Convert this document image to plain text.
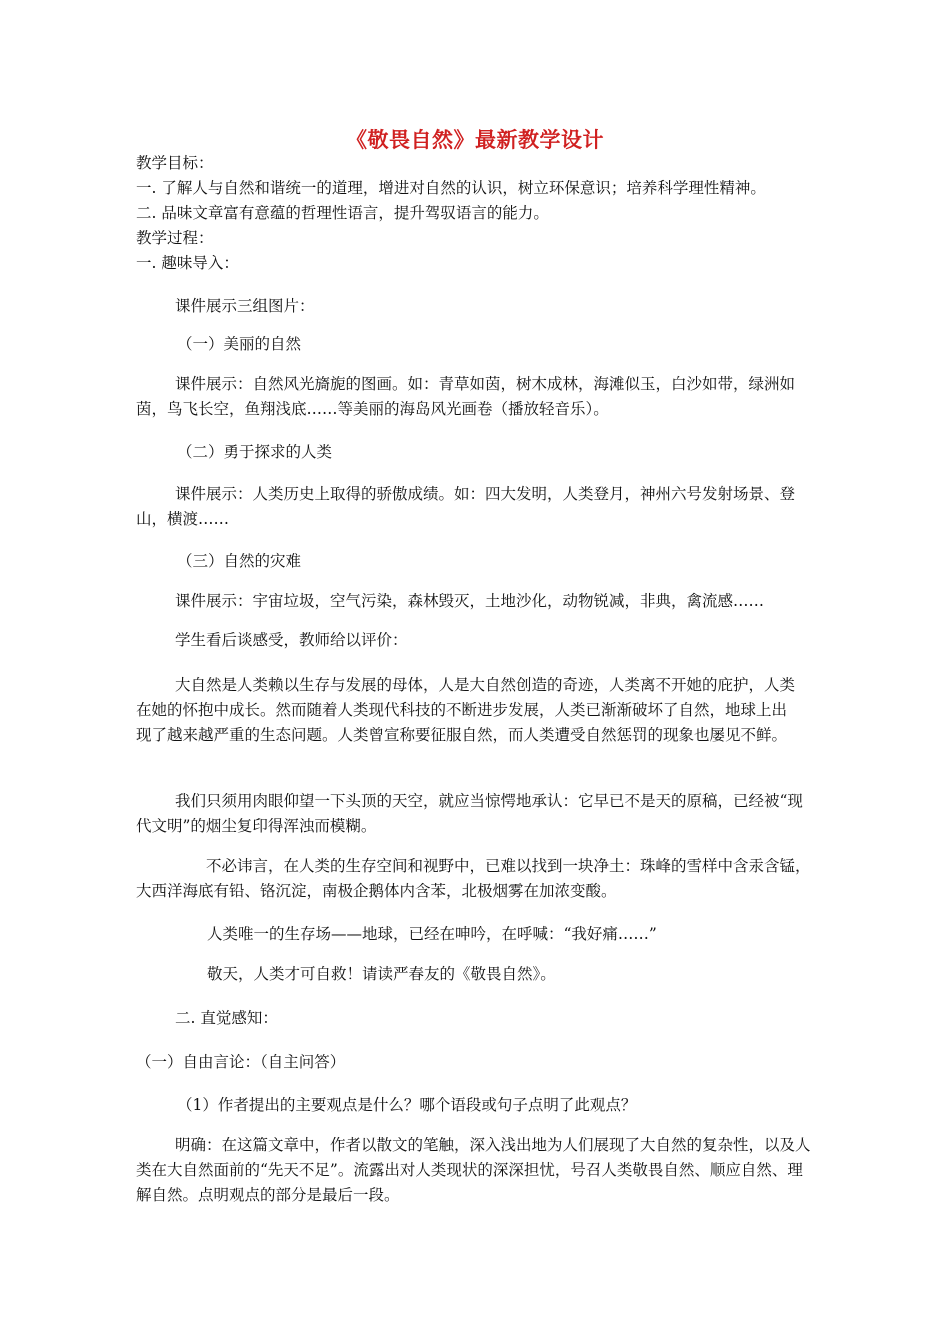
《敬畏自然》最新教学设计
教学目标：
一. 了解人与自然和谐统一的道理，增进对自然的认识，树立环保意识；培养科学理性精神。
二. 品味文章富有意蕴的哲理性语言，提升驾驭语言的能力。
教学过程：
一. 趣味导入：
课件展示三组图片：
（一）美丽的自然
课件展示：自然风光旖旎的图画。如：青草如茵，树木成林，海滩似玉，白沙如带，绿洲如茵，鸟飞长空，鱼翔浅底……等美丽的海岛风光画卷（播放轻音乐）。
（二）勇于探求的人类
课件展示：人类历史上取得的骄傲成绩。如：四大发明，人类登月，神州六号发射场景、登山，横渡……
（三）自然的灾难
课件展示：宇宙垃圾，空气污染，森林毁灭，土地沙化，动物锐减，非典，禽流感……
学生看后谈感受，教师给以评价：
大自然是人类赖以生存与发展的母体，人是大自然创造的奇迹，人类离不开她的庇护，人类在她的怀抱中成长。然而随着人类现代科技的不断进步发展，人类已渐渐破坏了自然，地球上出现了越来越严重的生态问题。人类曾宣称要征服自然，而人类遭受自然惩罚的现象也屡见不鲜。
我们只须用肉眼仰望一下头顶的天空，就应当惊愕地承认：它早已不是天的原稿，已经被“现代文明”的烟尘复印得浑浊而模糊。
不必讳言，在人类的生存空间和视野中，已难以找到一块净土：珠峰的雪样中含汞含锰，大西洋海底有铅、铬沉淀，南极企鹅体内含苯，北极烟雾在加浓变酸。
人类唯一的生存场——地球，已经在呻吟，在呼喊：“我好痛……”
敬天，人类才可自救！请读严春友的《敬畏自然》。
二. 直觉感知：
（一）自由言论：（自主问答）
（1）作者提出的主要观点是什么？哪个语段或句子点明了此观点？
明确：在这篇文章中，作者以散文的笔触，深入浅出地为人们展现了大自然的复杂性，以及人类在大自然面前的“先天不足”。流露出对人类现状的深深担忧，号召人类敬畏自然、顺应自然、理解自然。点明观点的部分是最后一段。
